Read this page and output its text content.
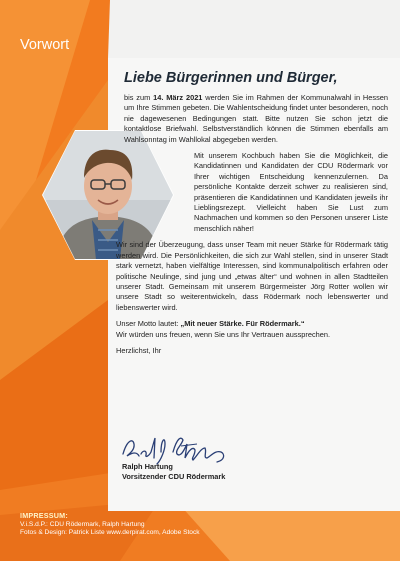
Vorwort
Liebe Bürgerinnen und Bürger,

bis zum 14. März 2021 werden Sie im Rahmen der Kommunalwahl in Hessen um Ihre Stimmen gebeten. Die Wahlentscheidung findet unter besonderen, noch nie dagewesenen Bedingungen statt. Bitte nutzen Sie schon jetzt die kontaktlose Briefwahl. Selbstverständlich können die Stimmen ebenfalls am Wahlsonntag im Wahllokal abgegeben werden.

Mit unserem Kochbuch haben Sie die Möglichkeit, die Kandidatinnen und Kandidaten der CDU Rödermark vor Ihrer wichtigen Entscheidung kennenzulernen. Da persönliche Kontakte derzeit schwer zu realisieren sind, präsentieren die Kandidatinnen und Kandidaten jeweils ihr Lieblingsrezept. Vielleicht haben Sie Lust zum Nachmachen und kommen so den Personen unserer Liste menschlich näher!

Wir sind der Überzeugung, dass unser Team mit neuer Stärke für Rödermark tätig werden wird. Die Persönlichkeiten, die sich zur Wahl stellen, sind in unserer Stadt stark vernetzt, haben vielfältige Interessen, sind kommunalpolitisch erfahren oder politische Neulinge, sind jung und „etwas älter“ und wohnen in allen Stadtteilen unserer Stadt. Gemeinsam mit unserem Bürgermeister Jörg Rotter wollen wir unsere Stadt so weiterentwickeln, dass Rödermark noch lebenswerter und liebenswerter wird.

Unser Motto lautet: „Mit neuer Stärke. Für Rödermark.“
Wir würden uns freuen, wenn Sie uns Ihr Vertrauen aussprechen.

Herzlichst, Ihr

Ralph Hartung
Vorsitzender CDU Rödermark
IMPRESSUM:
V.i.S.d.P.: CDU Rödermark, Ralph Hartung
Fotos & Design: Patrick Liste www.derpirat.com, Adobe Stock
